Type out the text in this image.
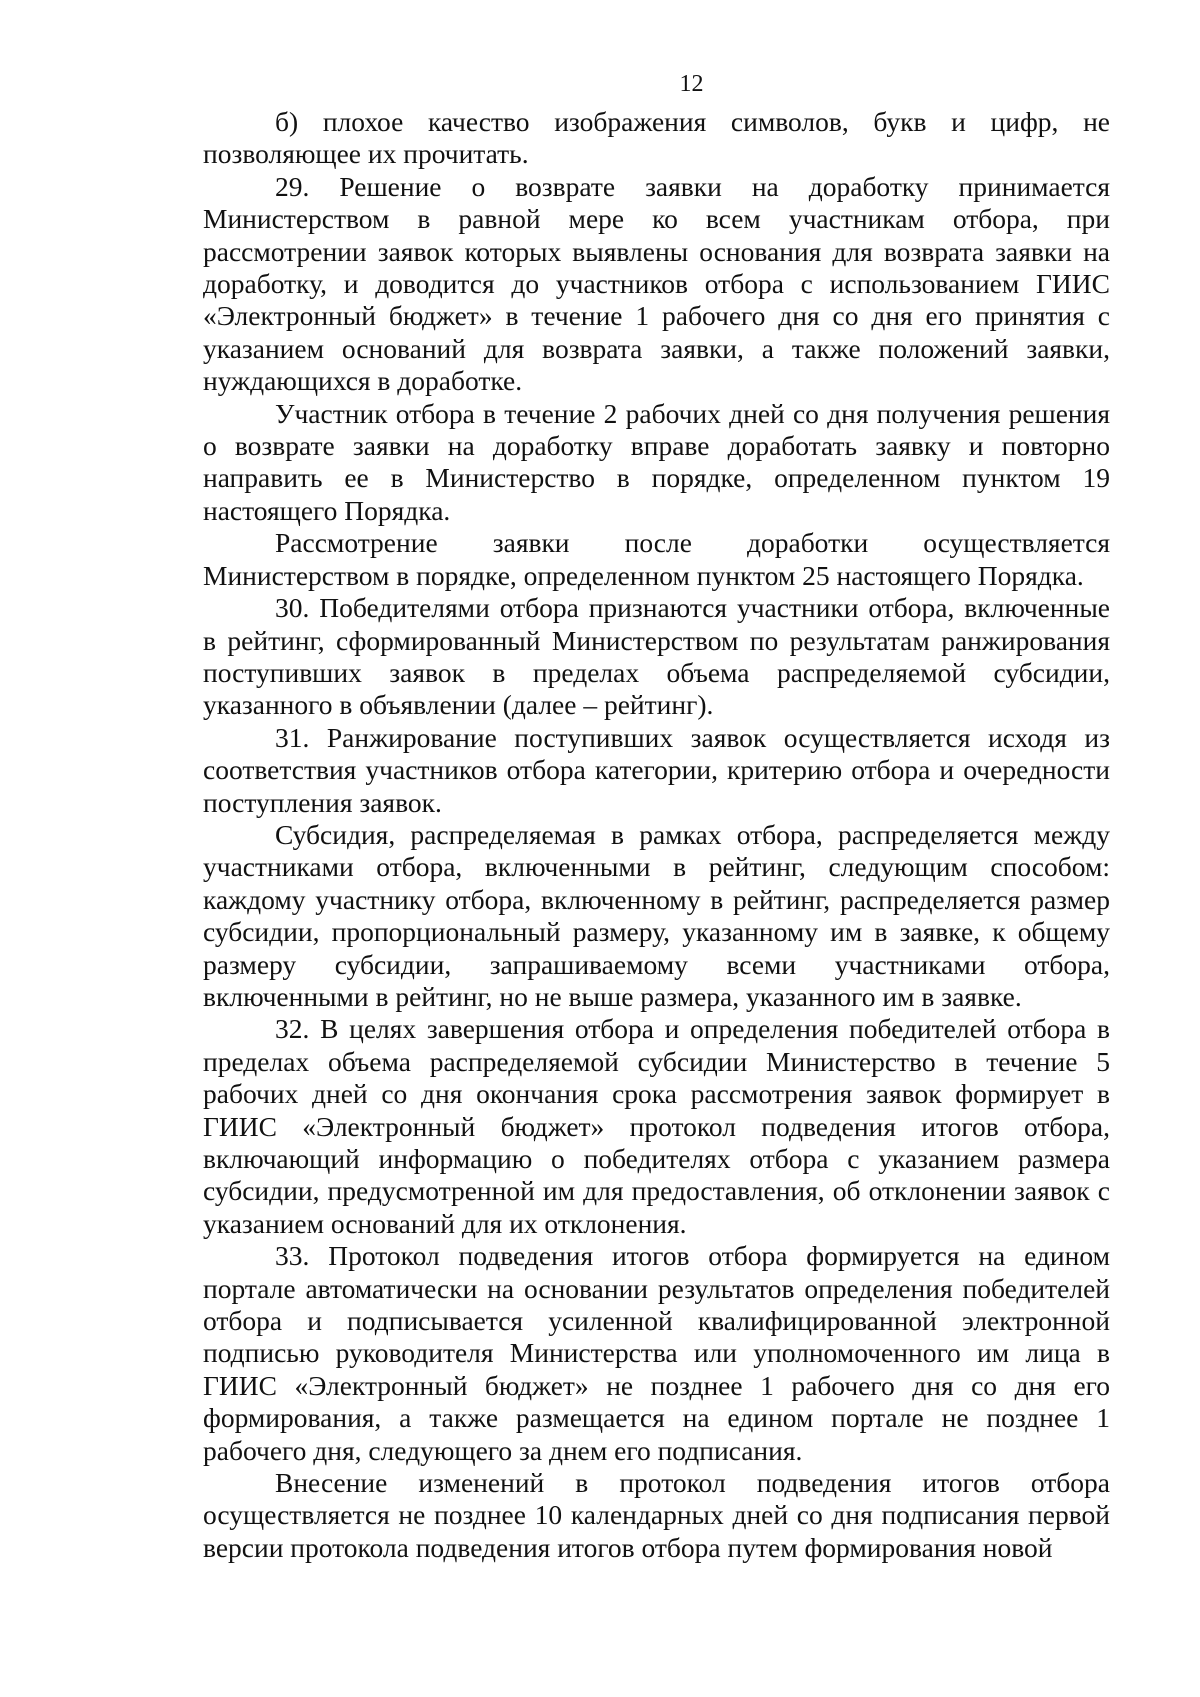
12

б) плохое качество изображения символов, букв и цифр, не позволяющее их прочитать.

29. Решение о возврате заявки на доработку принимается Министерством в равной мере ко всем участникам отбора, при рассмотрении заявок которых выявлены основания для возврата заявки на доработку, и доводится до участников отбора с использованием ГИИС «Электронный бюджет» в течение 1 рабочего дня со дня его принятия с указанием оснований для возврата заявки, а также положений заявки, нуждающихся в доработке.

Участник отбора в течение 2 рабочих дней со дня получения решения о возврате заявки на доработку вправе доработать заявку и повторно направить ее в Министерство в порядке, определенном пунктом 19 настоящего Порядка.

Рассмотрение заявки после доработки осуществляется Министерством в порядке, определенном пунктом 25 настоящего Порядка.

30. Победителями отбора признаются участники отбора, включенные в рейтинг, сформированный Министерством по результатам ранжирования поступивших заявок в пределах объема распределяемой субсидии, указанного в объявлении (далее – рейтинг).

31. Ранжирование поступивших заявок осуществляется исходя из соответствия участников отбора категории, критерию отбора и очередности поступления заявок.

Субсидия, распределяемая в рамках отбора, распределяется между участниками отбора, включенными в рейтинг, следующим способом: каждому участнику отбора, включенному в рейтинг, распределяется размер субсидии, пропорциональный размеру, указанному им в заявке, к общему размеру субсидии, запрашиваемому всеми участниками отбора, включенными в рейтинг, но не выше размера, указанного им в заявке.

32. В целях завершения отбора и определения победителей отбора в пределах объема распределяемой субсидии Министерство в течение 5 рабочих дней со дня окончания срока рассмотрения заявок формирует в ГИИС «Электронный бюджет» протокол подведения итогов отбора, включающий информацию о победителях отбора с указанием размера субсидии, предусмотренной им для предоставления, об отклонении заявок с указанием оснований для их отклонения.

33. Протокол подведения итогов отбора формируется на едином портале автоматически на основании результатов определения победителей отбора и подписывается усиленной квалифицированной электронной подписью руководителя Министерства или уполномоченного им лица в ГИИС «Электронный бюджет» не позднее 1 рабочего дня со дня его формирования, а также размещается на едином портале не позднее 1 рабочего дня, следующего за днем его подписания.

Внесение изменений в протокол подведения итогов отбора осуществляется не позднее 10 календарных дней со дня подписания первой версии протокола подведения итогов отбора путем формирования новой
